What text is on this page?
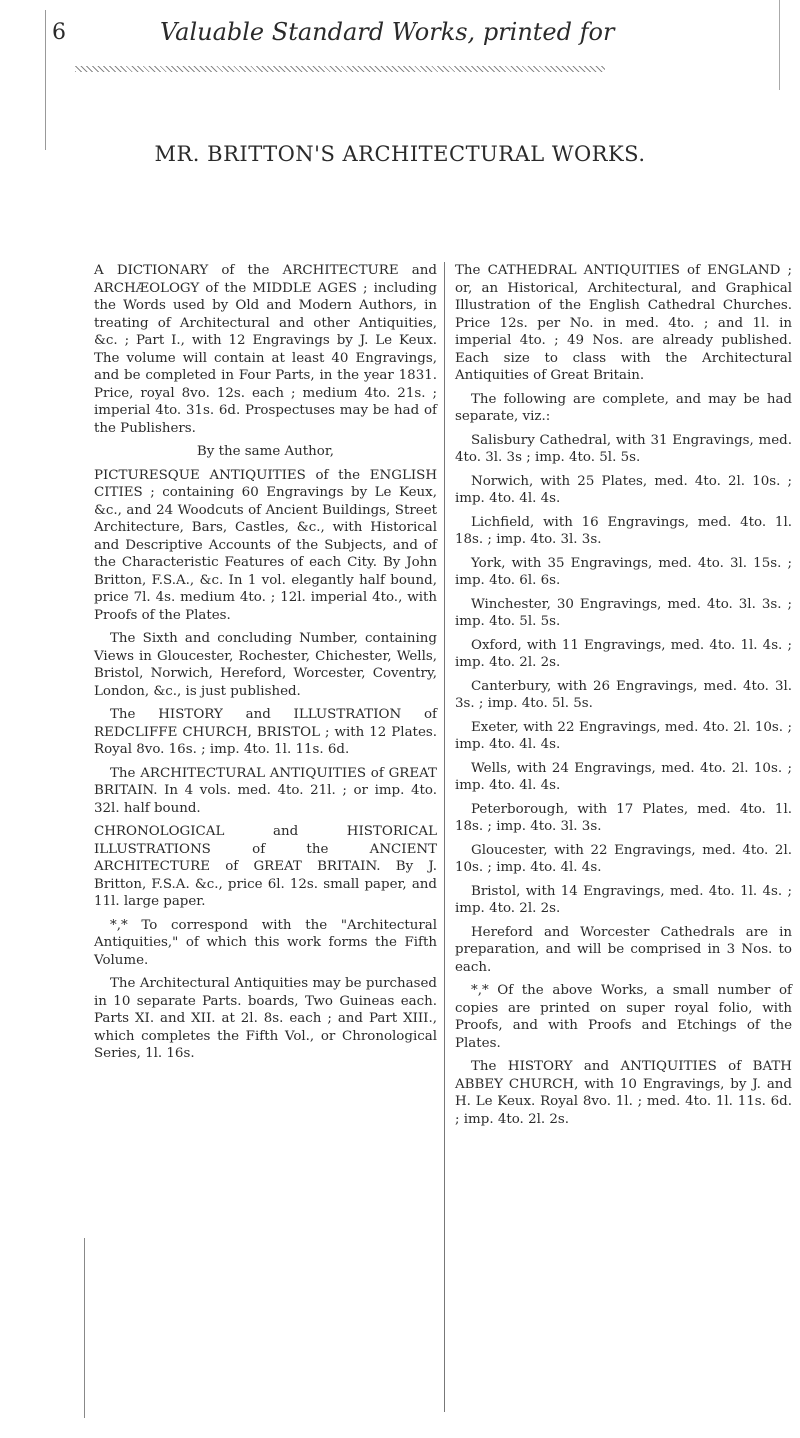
6	Valuable Standard Works, printed for
MR. BRITTON'S ARCHITECTURAL WORKS.

A DICTIONARY of the ARCHITECTURE and ARCHÆOLOGY of the MIDDLE AGES ; including the Words used by Old and Modern Authors, in treating of Architectural and other Antiquities, &c. ; Part I., with 12 Engravings by J. Le Keux. The volume will contain at least 40 Engravings, and be completed in Four Parts, in the year 1831. Price, royal 8vo. 12s. each ; medium 4to. 21s. ; imperial 4to. 31s. 6d. Prospectuses may be had of the Publishers.

By the same Author,

PICTURESQUE ANTIQUITIES of the ENGLISH CITIES ; containing 60 Engravings by Le Keux, &c., and 24 Woodcuts of Ancient Buildings, Street Architecture, Bars, Castles, &c., with Historical and Descriptive Accounts of the Subjects, and of the Characteristic Features of each City. By John Britton, F.S.A., &c. In 1 vol. elegantly half bound, price 7l. 4s. medium 4to. ; 12l. imperial 4to., with Proofs of the Plates.

The Sixth and concluding Number, containing Views in Gloucester, Rochester, Chichester, Wells, Bristol, Norwich, Hereford, Worcester, Coventry, London, &c., is just published.

The HISTORY and ILLUSTRATION of REDCLIFFE CHURCH, BRISTOL ; with 12 Plates. Royal 8vo. 16s. ; imp. 4to. 1l. 11s. 6d.

The ARCHITECTURAL ANTIQUITIES of GREAT BRITAIN. In 4 vols. med. 4to. 21l. ; or imp. 4to. 32l. half bound.

CHRONOLOGICAL and HISTORICAL ILLUSTRATIONS of the ANCIENT ARCHITECTURE of GREAT BRITAIN. By J. Britton, F.S.A. &c., price 6l. 12s. small paper, and 11l. large paper.

*,* To correspond with the "Architectural Antiquities," of which this work forms the Fifth Volume.

The Architectural Antiquities may be purchased in 10 separate Parts. boards, Two Guineas each. Parts XI. and XII. at 2l. 8s. each ; and Part XIII., which completes the Fifth Vol., or Chronological Series, 1l. 16s.

The CATHEDRAL ANTIQUITIES of ENGLAND ; or, an Historical, Architectural, and Graphical Illustration of the English Cathedral Churches. Price 12s. per No. in med. 4to. ; and 1l. in imperial 4to. ; 49 Nos. are already published. Each size to class with the Architectural Antiquities of Great Britain.

The following are complete, and may be had separate, viz.:

Salisbury Cathedral, with 31 Engravings, med. 4to. 3l. 3s ; imp. 4to. 5l. 5s.

Norwich, with 25 Plates, med. 4to. 2l. 10s. ; imp. 4to. 4l. 4s.

Lichfield, with 16 Engravings, med. 4to. 1l. 18s. ; imp. 4to. 3l. 3s.

York, with 35 Engravings, med. 4to. 3l. 15s. ; imp. 4to. 6l. 6s.

Winchester, 30 Engravings, med. 4to. 3l. 3s. ; imp. 4to. 5l. 5s.

Oxford, with 11 Engravings, med. 4to. 1l. 4s. ; imp. 4to. 2l. 2s.

Canterbury, with 26 Engravings, med. 4to. 3l. 3s. ; imp. 4to. 5l. 5s.

Exeter, with 22 Engravings, med. 4to. 2l. 10s. ; imp. 4to. 4l. 4s.

Wells, with 24 Engravings, med. 4to. 2l. 10s. ; imp. 4to. 4l. 4s.

Peterborough, with 17 Plates, med. 4to. 1l. 18s. ; imp. 4to. 3l. 3s.

Gloucester, with 22 Engravings, med. 4to. 2l. 10s. ; imp. 4to. 4l. 4s.

Bristol, with 14 Engravings, med. 4to. 1l. 4s. ; imp. 4to. 2l. 2s.

Hereford and Worcester Cathedrals are in preparation, and will be comprised in 3 Nos. to each.

*,* Of the above Works, a small number of copies are printed on super royal folio, with Proofs, and with Proofs and Etchings of the Plates.

The HISTORY and ANTIQUITIES of BATH ABBEY CHURCH, with 10 Engravings, by J. and H. Le Keux. Royal 8vo. 1l. ; med. 4to. 1l. 11s. 6d. ; imp. 4to. 2l. 2s.
